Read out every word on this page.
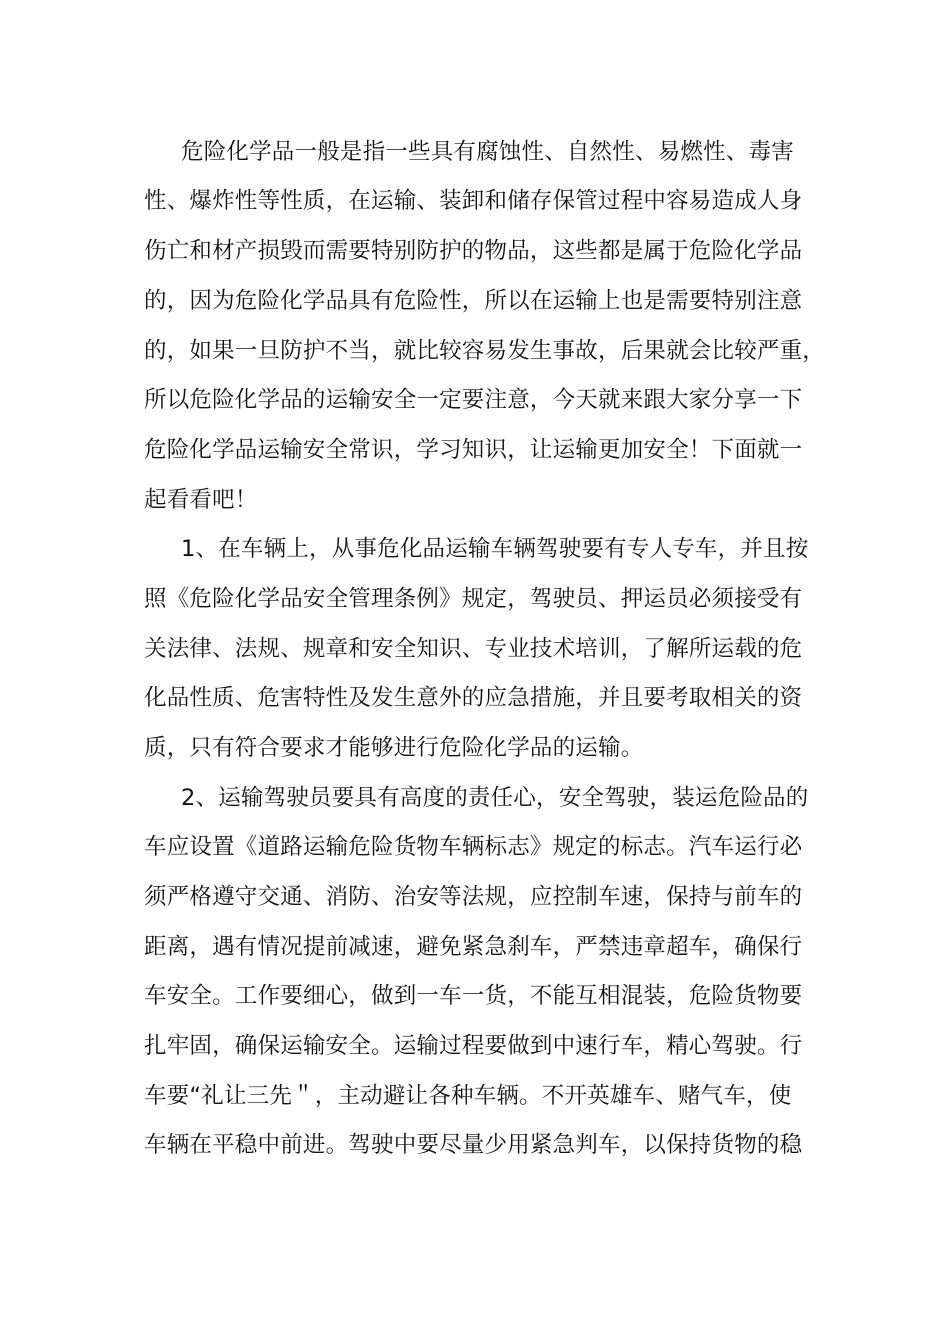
危险化学品一般是指一些具有腐蚀性、自然性、易燃性、毒害
性、爆炸性等性质，在运输、装卸和储存保管过程中容易造成人身
伤亡和材产损毁而需要特别防护的物品，这些都是属于危险化学品
的，因为危险化学品具有危险性，所以在运输上也是需要特别注意
的，如果一旦防护不当，就比较容易发生事故，后果就会比较严重，
所以危险化学品的运输安全一定要注意，今天就来跟大家分享一下
危险化学品运输安全常识，学习知识，让运输更加安全！下面就一
起看看吧！
1、在车辆上，从事危化品运输车辆驾驶要有专人专车，并且按
照《危险化学品安全管理条例》规定，驾驶员、押运员必须接受有
关法律、法规、规章和安全知识、专业技术培训，了解所运载的危
化品性质、危害特性及发生意外的应急措施，并且要考取相关的资
质，只有符合要求才能够进行危险化学品的运输。
2、运输驾驶员要具有高度的责任心，安全驾驶，装运危险品的
车应设置《道路运输危险货物车辆标志》规定的标志。汽车运行必
须严格遵守交通、消防、治安等法规，应控制车速，保持与前车的
距离，遇有情况提前减速，避免紧急刹车，严禁违章超车，确保行
车安全。工作要细心，做到一车一货，不能互相混装，危险货物要
扎牢固，确保运输安全。运输过程要做到中速行车，精心驾驶。行
车要“礼让三先＂，主动避让各种车辆。不开英雄车、赌气车，使
车辆在平稳中前进。驾驶中要尽量少用紧急判车，以保持货物的稳
